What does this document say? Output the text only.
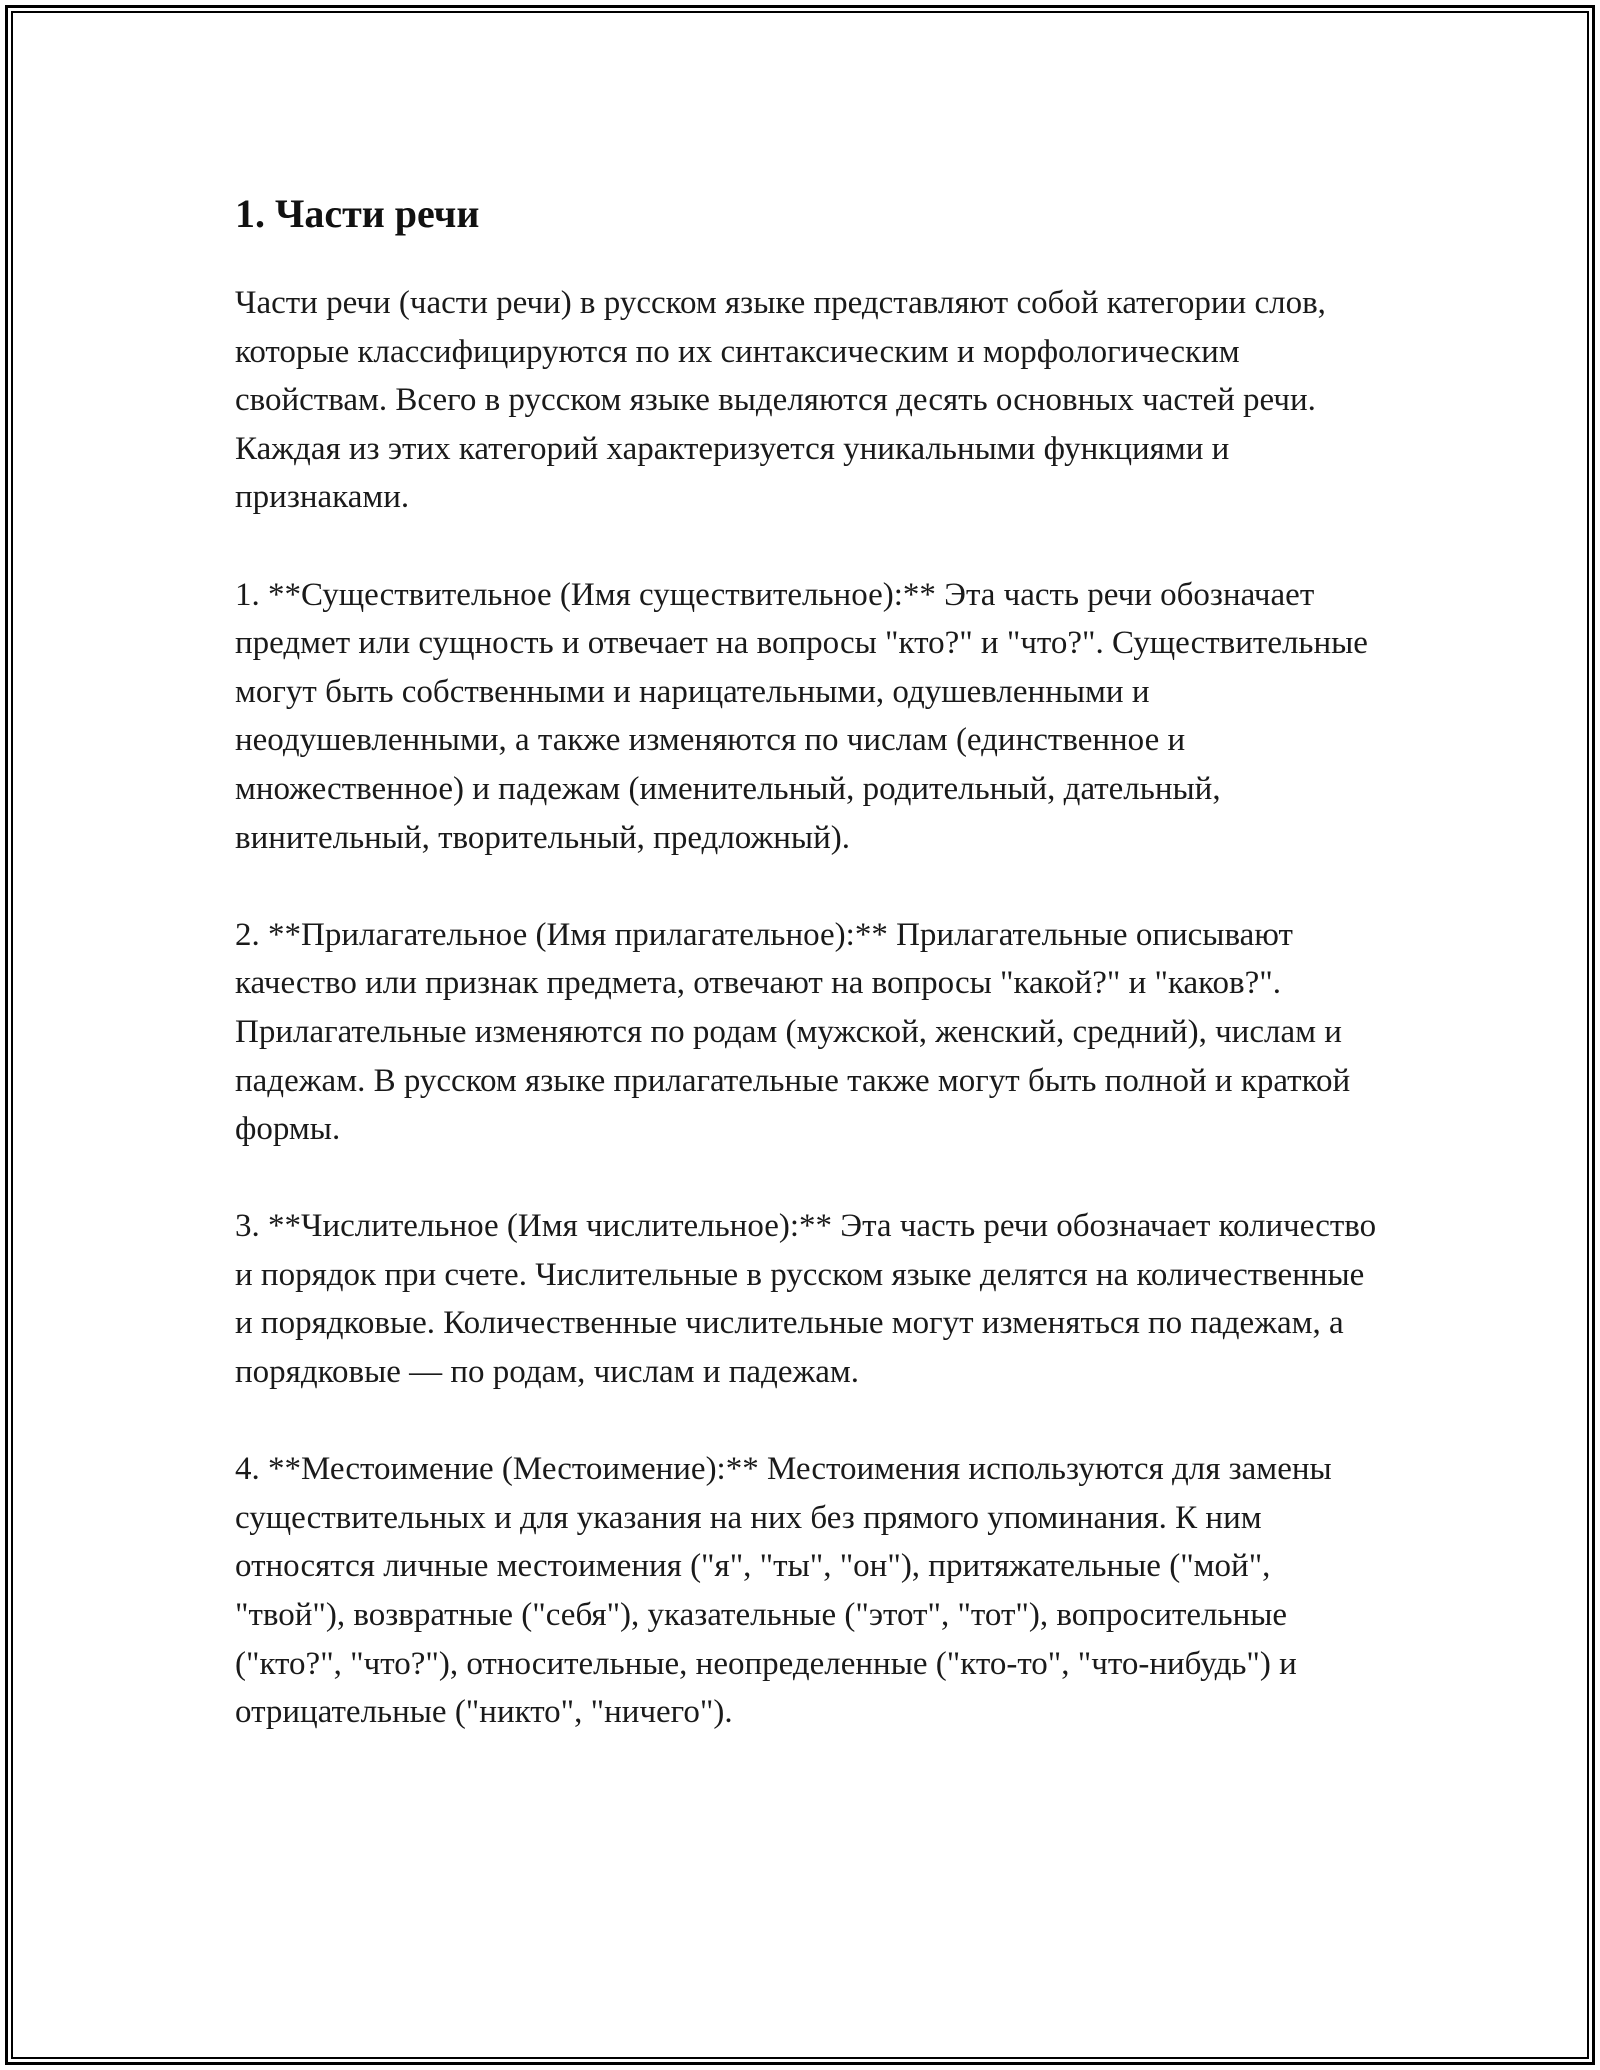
1. Части речи

Части речи (части речи) в русском языке представляют собой категории слов, которые классифицируются по их синтаксическим и морфологическим свойствам. Всего в русском языке выделяются десять основных частей речи. Каждая из этих категорий характеризуется уникальными функциями и признаками.

1. **Существительное (Имя существительное):** Эта часть речи обозначает предмет или сущность и отвечает на вопросы "кто?" и "что?". Существительные могут быть собственными и нарицательными, одушевленными и неодушевленными, а также изменяются по числам (единственное и множественное) и падежам (именительный, родительный, дательный, винительный, творительный, предложный).

2. **Прилагательное (Имя прилагательное):** Прилагательные описывают качество или признак предмета, отвечают на вопросы "какой?" и "каков?". Прилагательные изменяются по родам (мужской, женский, средний), числам и падежам. В русском языке прилагательные также могут быть полной и краткой формы.

3. **Числительное (Имя числительное):** Эта часть речи обозначает количество и порядок при счете. Числительные в русском языке делятся на количественные и порядковые. Количественные числительные могут изменяться по падежам, а порядковые — по родам, числам и падежам.

4. **Местоимение (Местоимение):** Местоимения используются для замены существительных и для указания на них без прямого упоминания. К ним относятся личные местоимения ("я", "ты", "он"), притяжательные ("мой", "твой"), возвратные ("себя"), указательные ("этот", "тот"), вопросительные ("кто?", "что?"), относительные, неопределенные ("кто-то", "что-нибудь") и отрицательные ("никто", "ничего").
